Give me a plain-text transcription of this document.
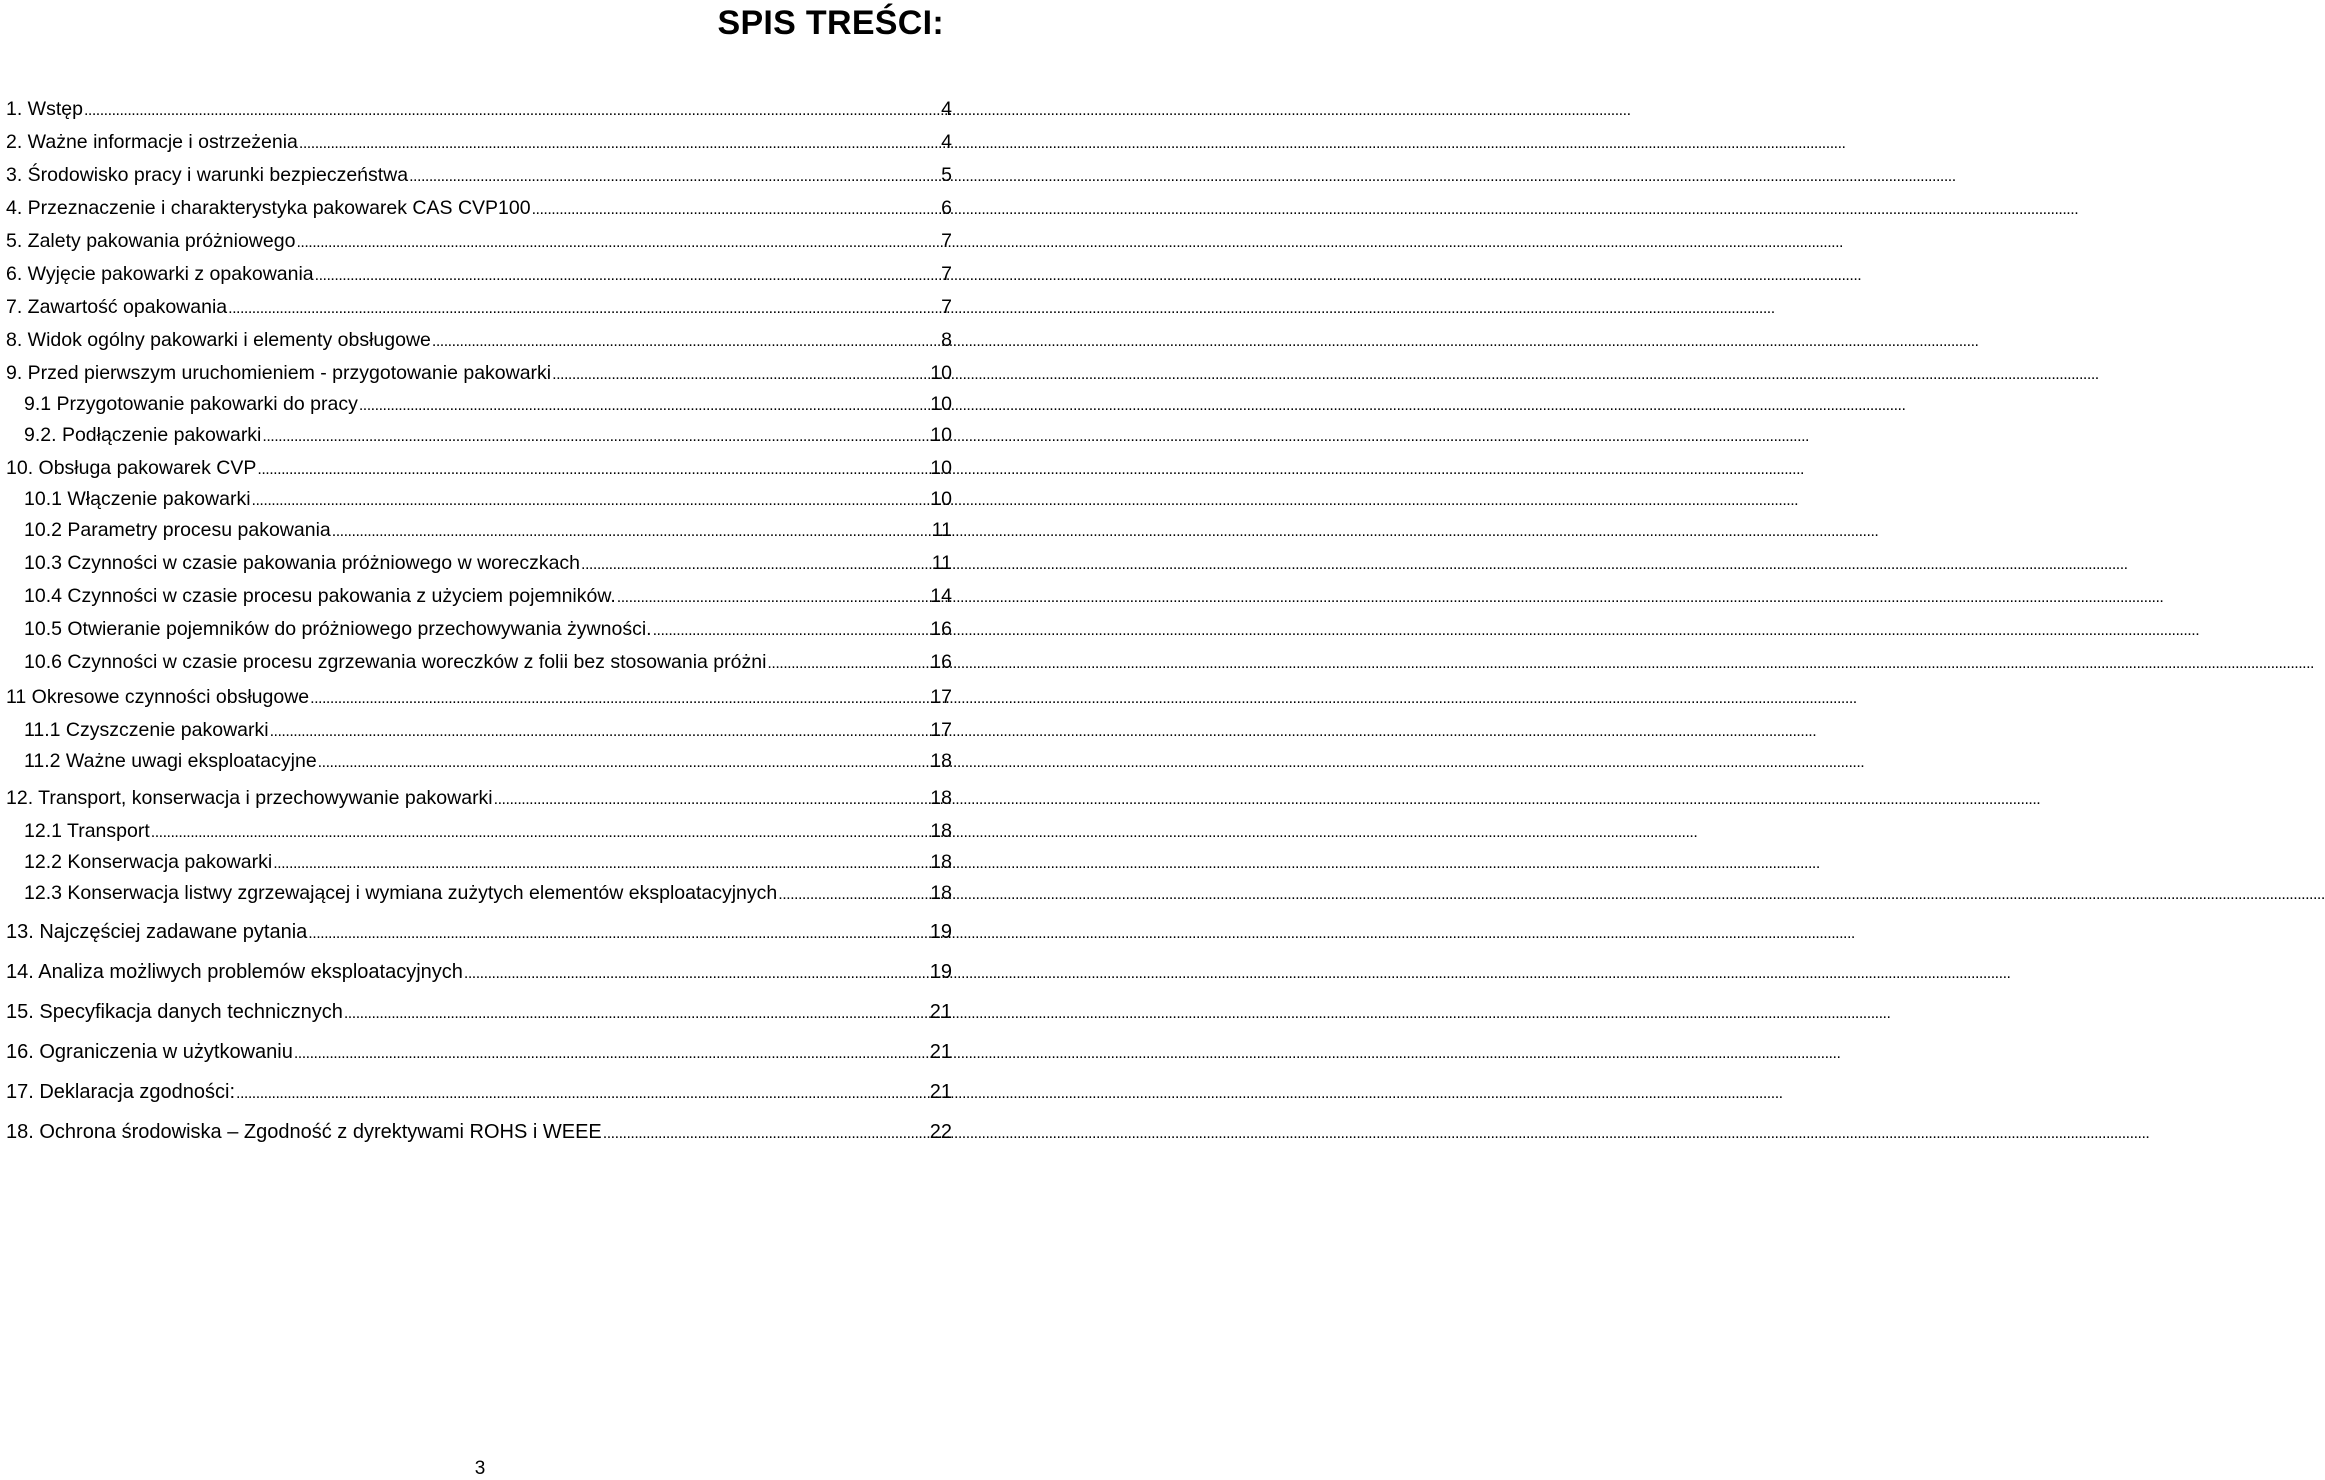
SPIS TREŚCI:
1. Wstęp .....	4
2. Ważne informacje i ostrzeżenia .....	4
3. Środowisko pracy i warunki bezpieczeństwa .....	5
4. Przeznaczenie i charakterystyka pakowarek CAS CVP100 .....	6
5. Zalety pakowania próżniowego .....	7
6. Wyjęcie pakowarki z opakowania .....	7
7. Zawartość opakowania .....	7
8. Widok ogólny pakowarki i elementy obsługowe .....	8
9. Przed pierwszym uruchomieniem - przygotowanie pakowarki .....	10
9.1 Przygotowanie pakowarki do pracy .....	10
9.2. Podłączenie pakowarki .....	10
10. Obsługa pakowarek CVP .....	10
10.1 Włączenie pakowarki .....	10
10.2 Parametry procesu pakowania .....	11
10.3 Czynności w czasie pakowania próżniowego w woreczkach .....	11
10.4 Czynności w czasie procesu pakowania z użyciem pojemników. .....	14
10.5 Otwieranie pojemników do próżniowego przechowywania żywności. .....	16
10.6 Czynności w czasie procesu zgrzewania woreczków z folii bez stosowania próżni .....	16
11 Okresowe czynności obsługowe .....	17
11.1 Czyszczenie pakowarki .....	17
11.2 Ważne uwagi eksploatacyjne .....	18
12. Transport, konserwacja i przechowywanie pakowarki .....	18
12.1 Transport .....	18
12.2 Konserwacja pakowarki .....	18
12.3 Konserwacja listwy zgrzewającej i wymiana zużytych elementów eksploatacyjnych .....	18
13. Najczęściej zadawane pytania .....	19
14. Analiza możliwych problemów eksploatacyjnych .....	19
15. Specyfikacja danych technicznych .....	21
16. Ograniczenia w użytkowaniu .....	21
17. Deklaracja zgodności: .....	21
18. Ochrona środowiska – Zgodność z dyrektywami ROHS i WEEE .....	22
3
